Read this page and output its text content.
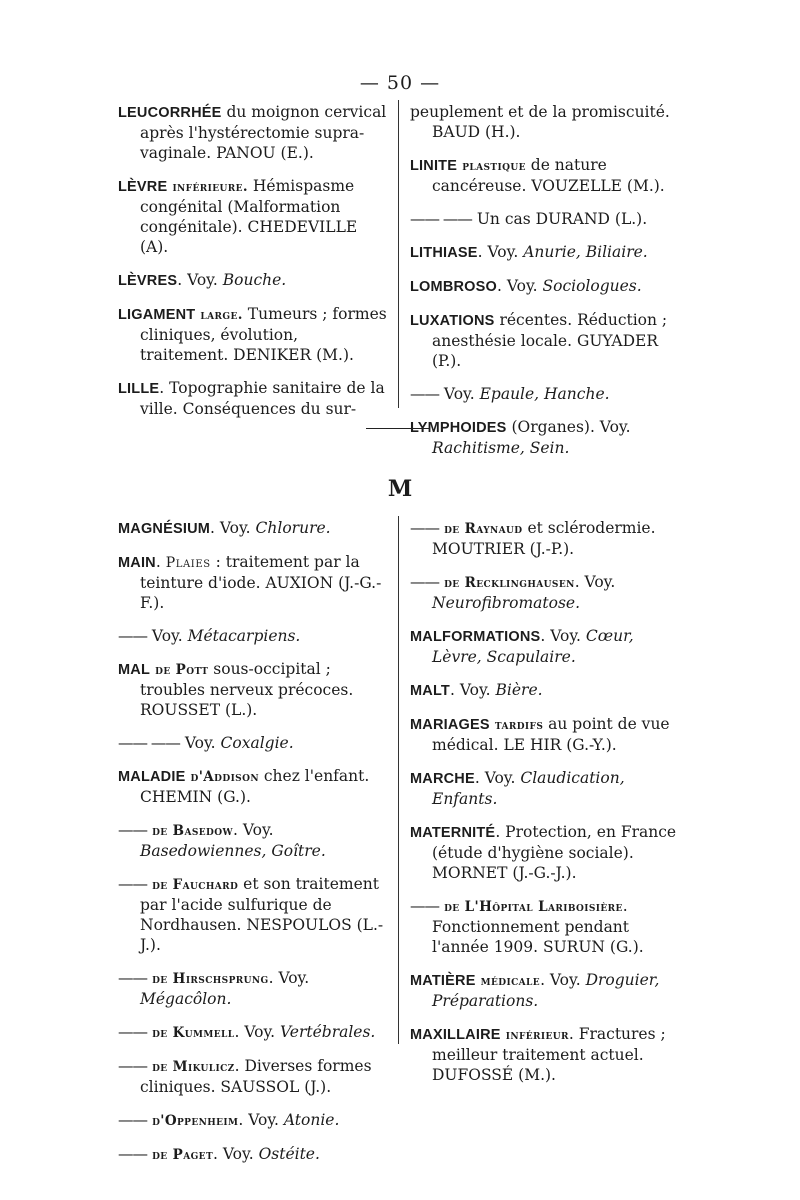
— 50 —

LEUCORRHÉE du moignon cervical après l'hystérectomie supra-vaginale. PANOU (E.).

LÈVRE inférieure. Hémispasme congénital (Malformation congénitale). CHEDEVILLE (A).

LÈVRES. Voy. Bouche.

LIGAMENT large. Tumeurs ; formes cliniques, évolution, traitement. DENIKER (M.).

LILLE. Topographie sanitaire de la ville. Conséquences du sur-

peuplement et de la promiscuité. BAUD (H.).

LINITE plastique de nature cancéreuse. VOUZELLE (M.).

—— —— Un cas DURAND (L.).

LITHIASE. Voy. Anurie, Biliaire.

LOMBROSO. Voy. Sociologues.

LUXATIONS récentes. Réduction ; anesthésie locale. GUYADER (P.).

—— Voy. Epaule, Hanche.

LYMPHOIDES (Organes). Voy. Rachitisme, Sein.

M

MAGNÉSIUM. Voy. Chlorure.

MAIN. Plaies : traitement par la teinture d'iode. AUXION (J.-G.-F.).

—— Voy. Métacarpiens.

MAL de Pott sous-occipital ; troubles nerveux précoces. ROUSSET (L.).

—— —— Voy. Coxalgie.

MALADIE d'Addison chez l'enfant. CHEMIN (G.).

—— de Basedow. Voy. Basedowiennes, Goître.

—— de Fauchard et son traitement par l'acide sulfurique de Nordhausen. NESPOULOS (L.-J.).

—— de Hirschsprung. Voy. Mégacôlon.

—— de Kummell. Voy. Vertébrales.

—— de Mikulicz. Diverses formes cliniques. SAUSSOL (J.).

—— d'Oppenheim. Voy. Atonie.

—— de Paget. Voy. Ostéite.

—— de Raynaud et sclérodermie. MOUTRIER (J.-P.).

—— de Recklinghausen. Voy. Neurofibromatose.

MALFORMATIONS. Voy. Cœur, Lèvre, Scapulaire.

MALT. Voy. Bière.

MARIAGES tardifs au point de vue médical. LE HIR (G.-Y.).

MARCHE. Voy. Claudication, Enfants.

MATERNITÉ. Protection, en France (étude d'hygiène sociale). MORNET (J.-G.-J.).

—— de L'Hôpital Lariboisière. Fonctionnement pendant l'année 1909. SURUN (G.).

MATIÈRE médicale. Voy. Droguier, Préparations.

MAXILLAIRE inférieur. Fractures ; meilleur traitement actuel. DUFOSSÉ (M.).
